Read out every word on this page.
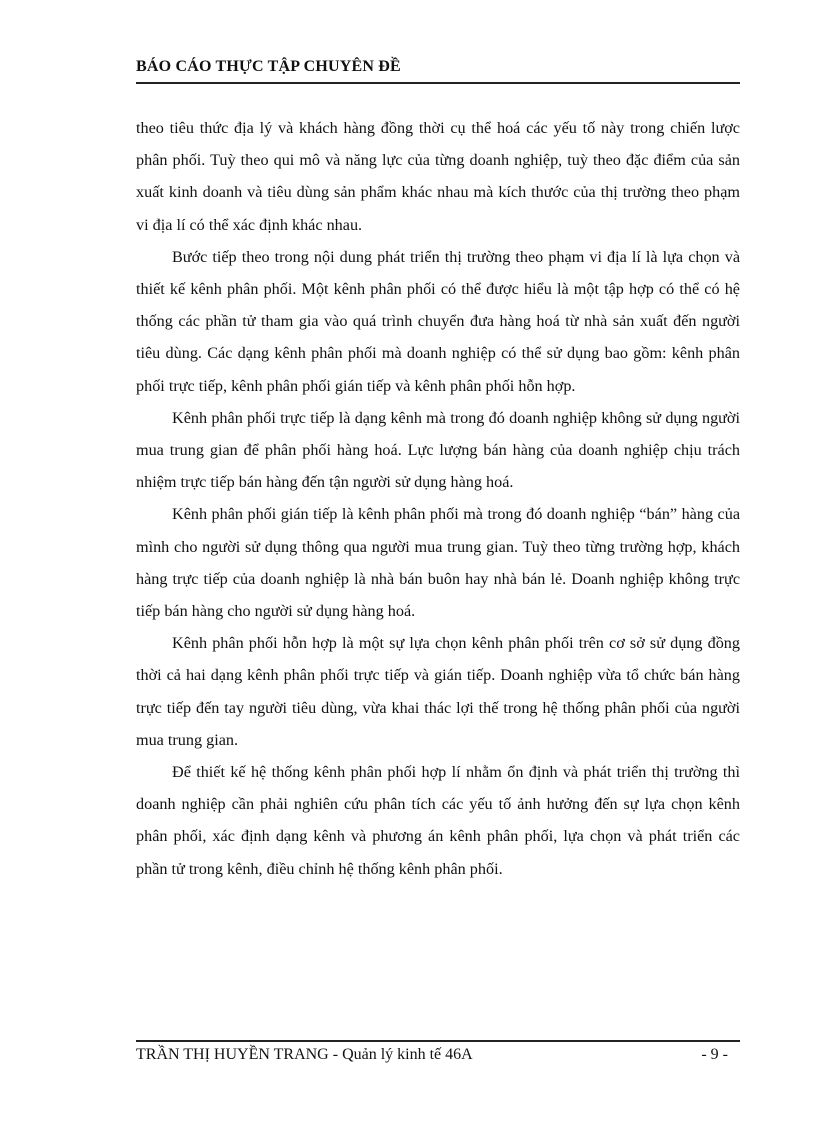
BÁO CÁO THỰC TẬP CHUYÊN ĐỀ

theo tiêu thức địa lý và khách hàng đồng thời cụ thể hoá các yếu tố này trong chiến lược phân phối. Tuỳ theo qui mô và năng lực của từng doanh nghiệp, tuỳ theo đặc điểm của sản xuất kinh doanh và tiêu dùng sản phẩm khác nhau mà kích thước của thị trường theo phạm vi địa lí có thể xác định khác nhau.

Bước tiếp theo trong nội dung phát triển thị trường theo phạm vi địa lí là lựa chọn và thiết kế kênh phân phối. Một kênh phân phối có thể được hiểu là một tập hợp có thể có hệ thống các phần tử tham gia vào quá trình chuyển đưa hàng hoá từ nhà sản xuất đến người tiêu dùng. Các dạng kênh phân phối mà doanh nghiệp có thể sử dụng bao gồm: kênh phân phối trực tiếp, kênh phân phối gián tiếp và kênh phân phối hỗn hợp.

Kênh phân phối trực tiếp là dạng kênh mà trong đó doanh nghiệp không sử dụng người mua trung gian để phân phối hàng hoá. Lực lượng bán hàng của doanh nghiệp chịu trách nhiệm trực tiếp bán hàng đến tận người sử dụng hàng hoá.

Kênh phân phối gián tiếp là kênh phân phối mà trong đó doanh nghiệp “bán” hàng của mình cho người sử dụng thông qua người mua trung gian. Tuỳ theo từng trường hợp, khách hàng trực tiếp của doanh nghiệp là nhà bán buôn hay nhà bán lẻ. Doanh nghiệp không trực tiếp bán hàng cho người sử dụng hàng hoá.

Kênh phân phối hỗn hợp là một sự lựa chọn kênh phân phối trên cơ sở sử dụng đồng thời cả hai dạng kênh phân phối trực tiếp và gián tiếp. Doanh nghiệp vừa tổ chức bán hàng trực tiếp đến tay người tiêu dùng, vừa khai thác lợi thế trong hệ thống phân phối của người mua trung gian.

Để thiết kế hệ thống kênh phân phối hợp lí nhằm ổn định và phát triển thị trường thì doanh nghiệp cần phải nghiên cứu phân tích các yếu tố ảnh hưởng đến sự lựa chọn kênh phân phối, xác định dạng kênh và phương án kênh phân phối, lựa chọn và phát triển các phần tử trong kênh, điều chỉnh hệ thống kênh phân phối.

TRẦN THỊ HUYỀN TRANG - Quản lý kinh tế 46A	- 9 -
